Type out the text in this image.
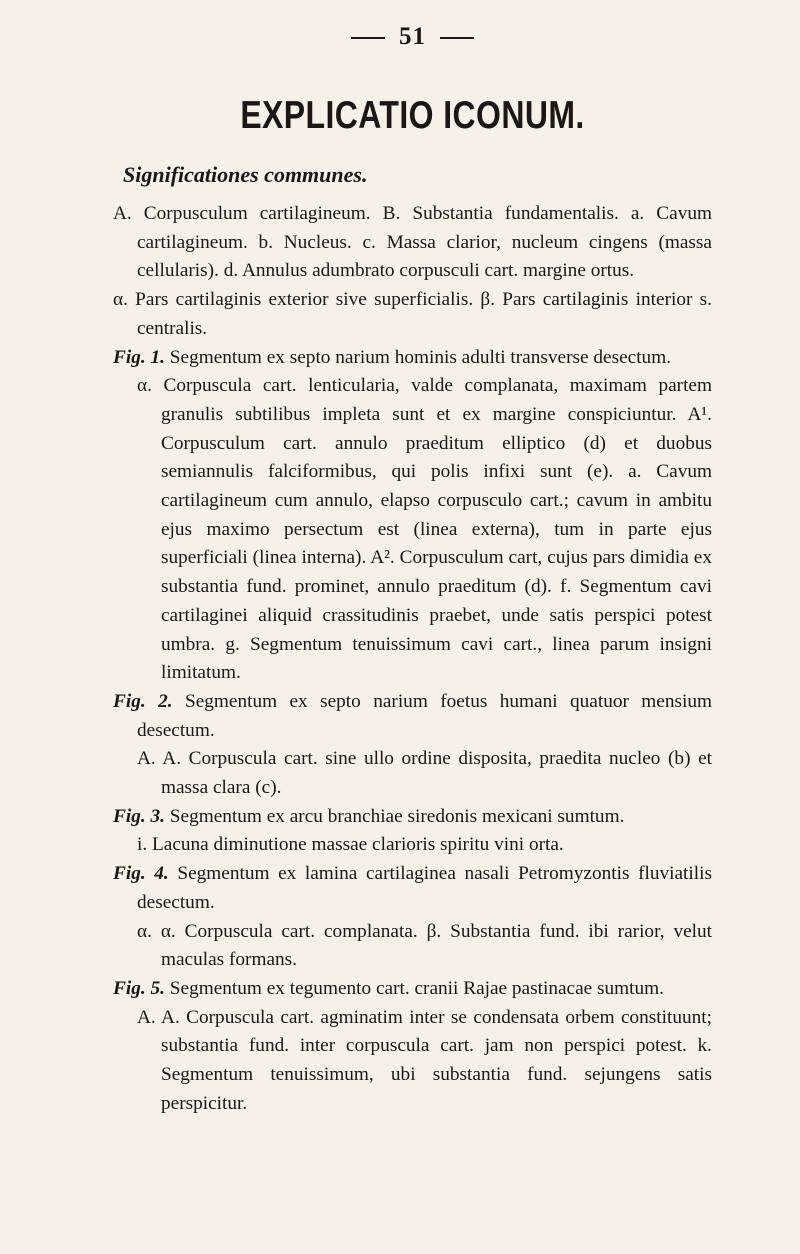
51
EXPLICATIO ICONUM.
Significationes communes.

A. Corpusculum cartilagineum. B. Substantia fundamentalis. a. Cavum cartilagineum. b. Nucleus. c. Massa clarior, nucleum cingens (massa cellularis). d. Annulus adumbrato corpusculi cart. margine ortus.

α. Pars cartilaginis exterior sive superficialis. β. Pars cartilaginis interior s. centralis.

Fig. 1. Segmentum ex septo narium hominis adulti transverse desectum.

α. Corpuscula cart. lenticularia, valde complanata, maximam partem granulis subtilibus impleta sunt et ex margine conspiciuntur. A¹. Corpusculum cart. annulo praeditum elliptico (d) et duobus semiannulis falciformibus, qui polis infixi sunt (e). a. Cavum cartilagineum cum annulo, elapso corpusculo cart.; cavum in ambitu ejus maximo persectum est (linea externa), tum in parte ejus superficiali (linea interna). A². Corpusculum cart, cujus pars dimidia ex substantia fund. prominet, annulo praeditum (d). f. Segmentum cavi cartilaginei aliquid crassitudinis praebet, unde satis perspici potest umbra. g. Segmentum tenuissimum cavi cart., linea parum insigni limitatum.

Fig. 2. Segmentum ex septo narium foetus humani quatuor mensium desectum.

A. A. Corpuscula cart. sine ullo ordine disposita, praedita nucleo (b) et massa clara (c).

Fig. 3. Segmentum ex arcu branchiae siredonis mexicani sumtum.

i. Lacuna diminutione massae clarioris spiritu vini orta.

Fig. 4. Segmentum ex lamina cartilaginea nasali Petromyzontis fluviatilis desectum.

α. α. Corpuscula cart. complanata. β. Substantia fund. ibi rarior, velut maculas formans.

Fig. 5. Segmentum ex tegumento cart. cranii Rajae pastinacae sumtum.

A. A. Corpuscula cart. agminatim inter se condensata orbem constituunt; substantia fund. inter corpuscula cart. jam non perspici potest. k. Segmentum tenuissimum, ubi substantia fund. sejungens satis perspicitur.
